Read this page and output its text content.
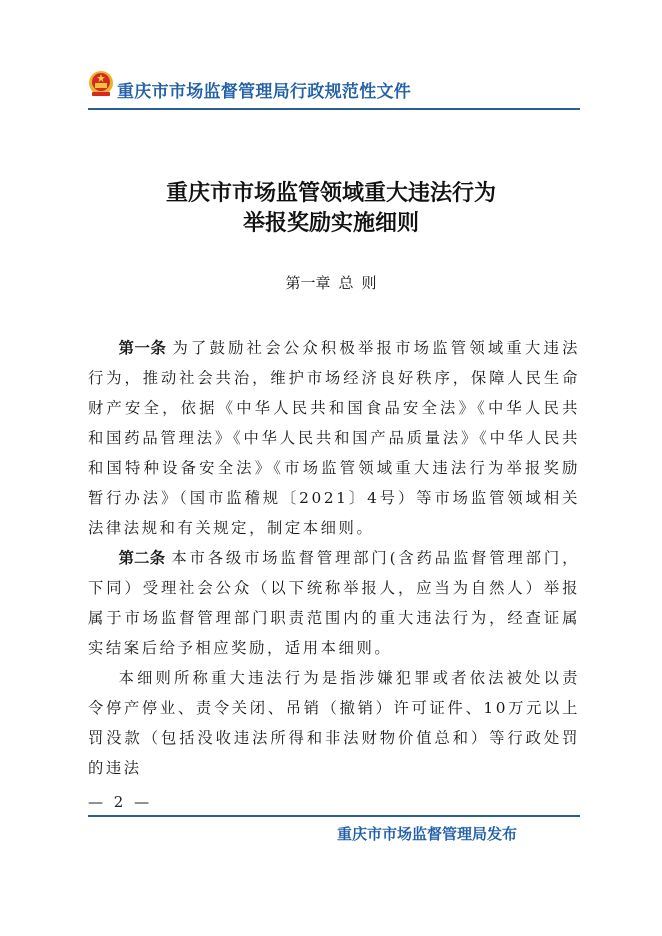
重庆市市场监督管理局行政规范性文件
重庆市市场监管领域重大违法行为
举报奖励实施细则
第一章 总 则

第一条 为了鼓励社会公众积极举报市场监管领域重大违法行为，推动社会共治，维护市场经济良好秩序，保障人民生命财产安全，依据《中华人民共和国食品安全法》《中华人民共和国药品管理法》《中华人民共和国产品质量法》《中华人民共和国特种设备安全法》《市场监管领域重大违法行为举报奖励暂行办法》（国市监稽规〔2021〕4号）等市场监管领域相关法律法规和有关规定，制定本细则。

第二条 本市各级市场监督管理部门(含药品监督管理部门，下同）受理社会公众（以下统称举报人，应当为自然人）举报属于市场监督管理部门职责范围内的重大违法行为，经查证属实结案后给予相应奖励，适用本细则。

本细则所称重大违法行为是指涉嫌犯罪或者依法被处以责令停产停业、责令关闭、吊销（撤销）许可证件、10万元以上罚没款（包括没收违法所得和非法财物价值总和）等行政处罚的违法

— 2 —
重庆市市场监督管理局发布
